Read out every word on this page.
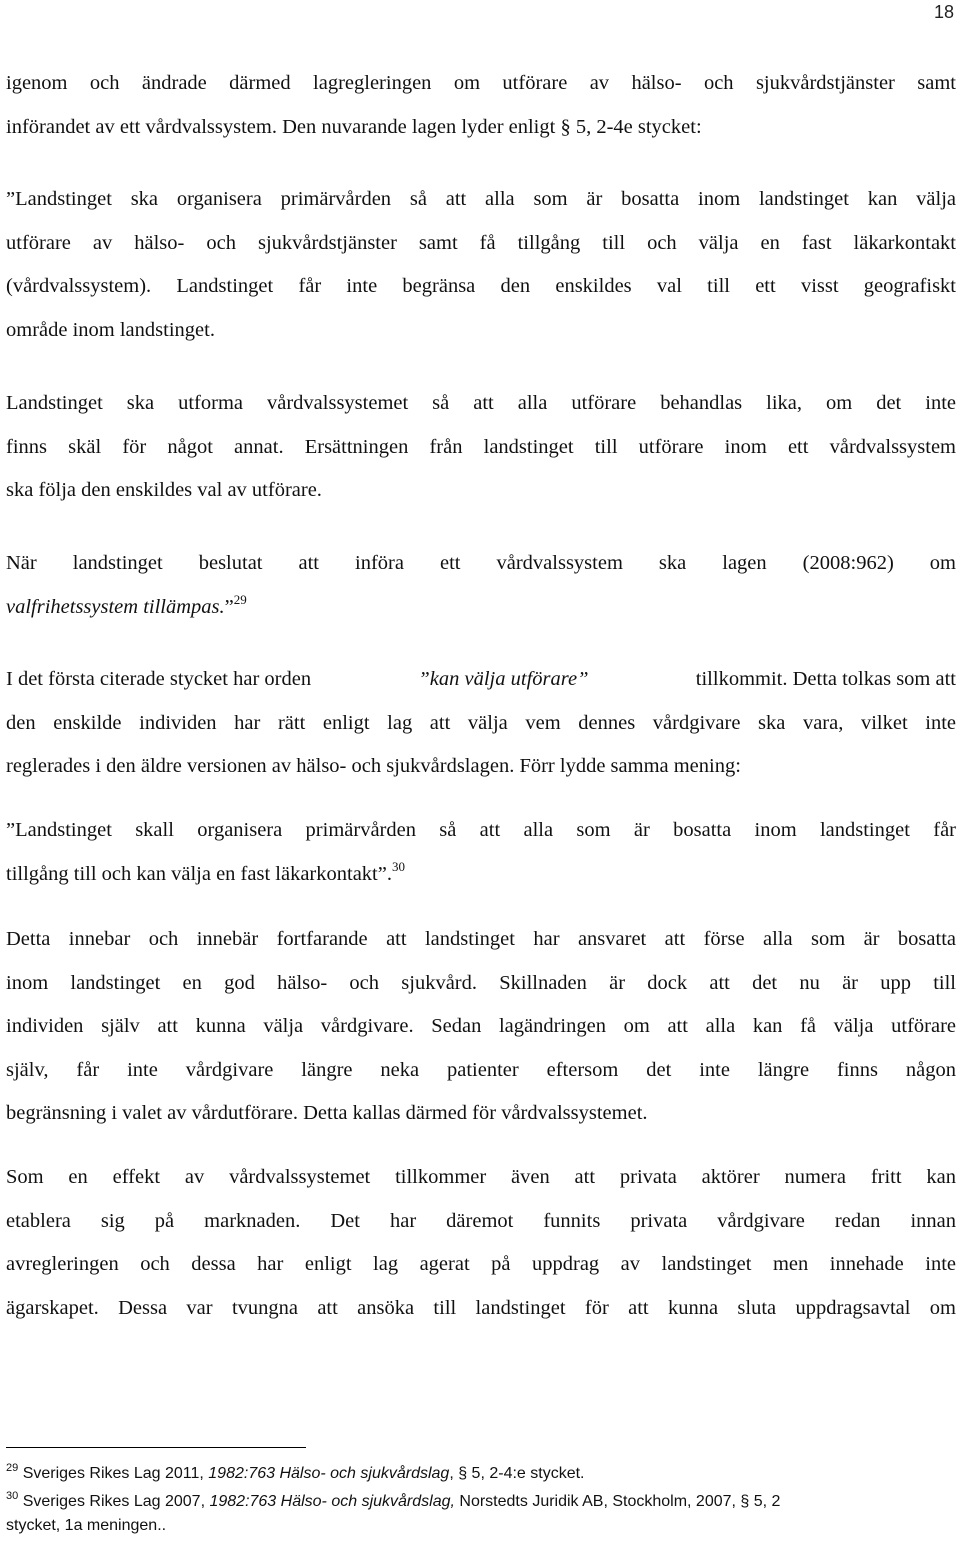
18
igenom och ändrade därmed lagregleringen om utförare av hälso- och sjukvårdstjänster samt
införandet av ett vårdvalssystem. Den nuvarande lagen lyder enligt § 5, 2-4e stycket:
”Landstinget ska organisera primärvården så att alla som är bosatta inom landstinget kan välja
utförare av hälso- och sjukvårdstjänster samt få tillgång till och välja en fast läkarkontakt
(vårdvalssystem). Landstinget får inte begränsa den enskildes val till ett visst geografiskt
område inom landstinget.
Landstinget ska utforma vårdvalssystemet så att alla utförare behandlas lika, om det inte
finns skäl för något annat. Ersättningen från landstinget till utförare inom ett vårdvalssystem
ska följa den enskildes val av utförare.
När landstinget beslutat att införa ett vårdvalssystem ska lagen (2008:962) om
valfrihetssystem tillämpas.”$^{29}$
I det första citerade stycket har orden	”kan välja utförare”	tillkommit. Detta tolkas som att
den enskilde individen har rätt enligt lag att välja vem dennes vårdgivare ska vara, vilket inte
reglerades i den äldre versionen av hälso- och sjukvårdslagen. Förr lydde samma mening:
”Landstinget skall organisera primärvården så att alla som är bosatta inom landstinget får
tillgång till och kan välja en fast läkarkontakt”.$^{30}$
Detta innebar och innebär fortfarande att landstinget har ansvaret att förse alla som är bosatta
inom landstinget en god hälso- och sjukvård. Skillnaden är dock att det nu är upp till
individen själv att kunna välja vårdgivare. Sedan lagändringen om att alla kan få välja utförare
själv, får inte vårdgivare längre neka patienter eftersom det inte längre finns någon
begränsning i valet av vårdutförare. Detta kallas därmed för vårdvalssystemet.
Som en effekt av vårdvalssystemet tillkommer även att privata aktörer numera fritt kan
etablera sig på marknaden. Det har däremot funnits privata vårdgivare redan innan
avregleringen och dessa har enligt lag agerat på uppdrag av landstinget men innehade inte
ägarskapet. Dessa var tvungna att ansöka till landstinget för att kunna sluta uppdragsavtal om
$^{29}$ Sveriges Rikes Lag 2011, 1982:763 Hälso- och sjukvårdslag, § 5, 2-4:e stycket.
$^{30}$ Sveriges Rikes Lag 2007, 1982:763 Hälso- och sjukvårdslag, Norstedts Juridik AB, Stockholm, 2007, § 5, 2
stycket, 1a meningen..
